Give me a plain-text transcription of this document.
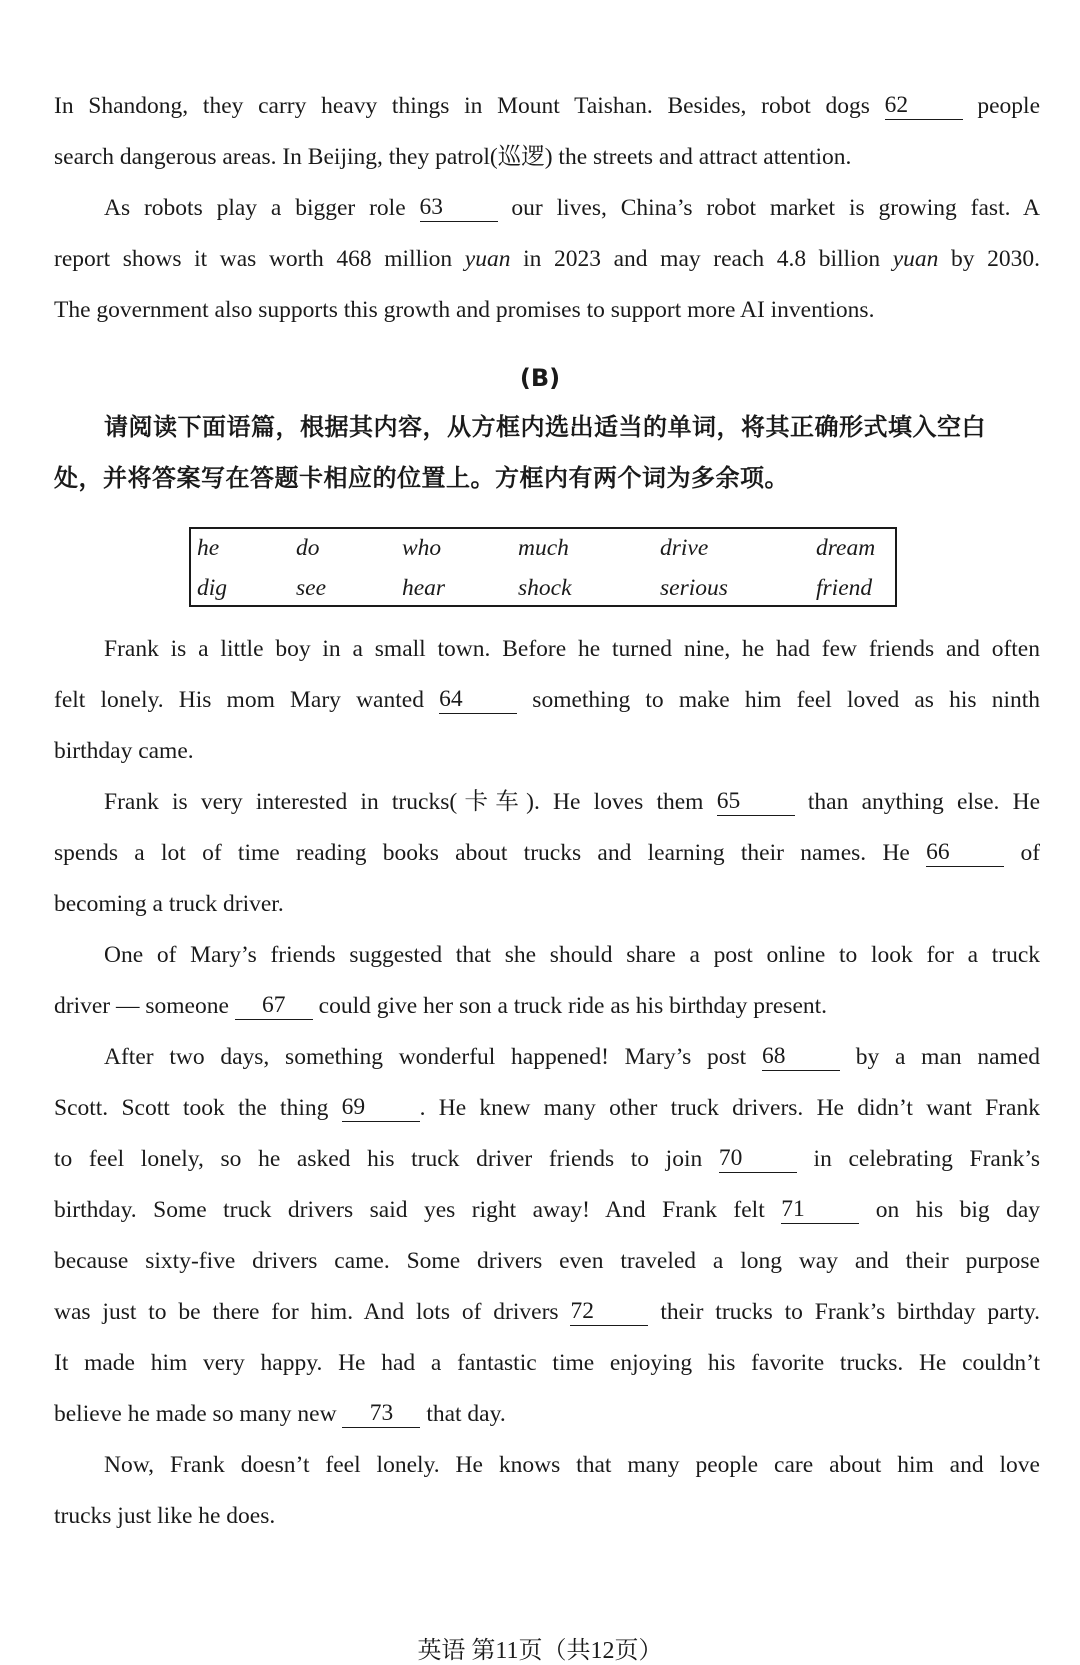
In Shandong, they carry heavy things in Mount Taishan. Besides, robot dogs 62	people
search dangerous areas. In Beijing, they patrol(巡逻) the streets and attract attention.
As robots play a bigger role 63	our lives, China’s robot market is growing fast. A
report shows it was worth 468 million yuan in 2023 and may reach 4.8 billion yuan by 2030.
The government also supports this growth and promises to support more AI inventions.
(B)
请阅读下面语篇，根据其内容，从方框内选出适当的单词，将其正确形式填入空白
处，并将答案写在答题卡相应的位置上。方框内有两个词为多余项。
he	do	who	much	drive	dream
dig	see	hear	shock	serious	friend
Frank is a little boy in a small town. Before he turned nine, he had few friends and often
felt lonely. His mom Mary wanted 64	something to make him feel loved as his ninth
birthday came.
Frank is very interested in trucks(卡车). He loves them 65	than anything else. He
spends a lot of time reading books about trucks and learning their names. He 66	of
becoming a truck driver.
One of Mary’s friends suggested that she should share a post online to look for a truck
driver — someone 67 could give her son a truck ride as his birthday present.
After two days, something wonderful happened! Mary’s post 68	by a man named
Scott. Scott took the thing 69 . He knew many other truck drivers. He didn’t want Frank
to feel lonely, so he asked his truck driver friends to join 70	in celebrating Frank’s
birthday. Some truck drivers said yes right away! And Frank felt 71	on his big day
because sixty-five drivers came. Some drivers even traveled a long way and their purpose
was just to be there for him. And lots of drivers 72	their trucks to Frank’s birthday party.
It made him very happy. He had a fantastic time enjoying his favorite trucks. He couldn’t
believe he made so many new 73 that day.
Now, Frank doesn’t feel lonely. He knows that many people care about him and love
trucks just like he does.
英语 第11页（共12页）
